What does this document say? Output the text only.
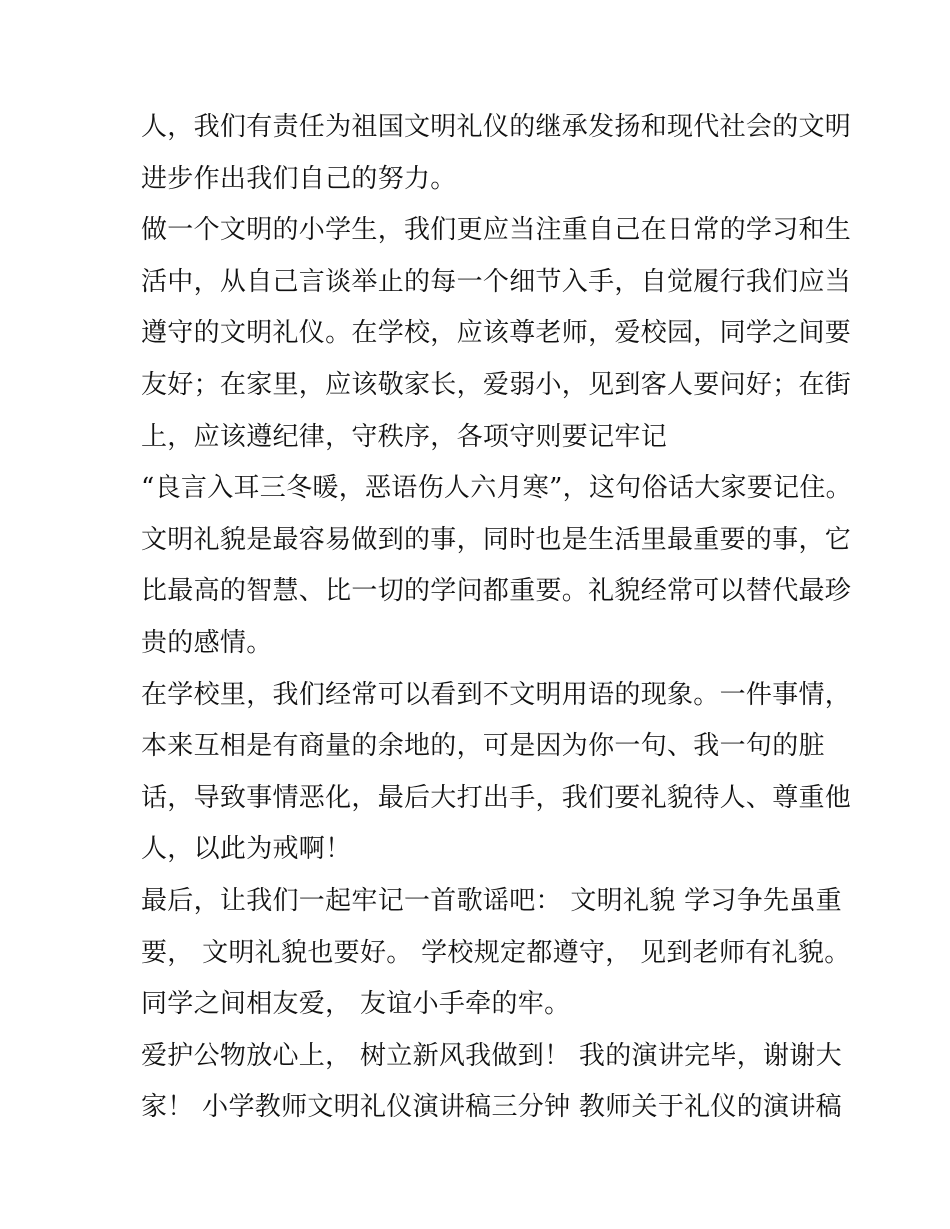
人，我们有责任为祖国文明礼仪的继承发扬和现代社会的文明
进步作出我们自己的努力。
做一个文明的小学生，我们更应当注重自己在日常的学习和生
活中，从自己言谈举止的每一个细节入手，自觉履行我们应当
遵守的文明礼仪。在学校，应该尊老师，爱校园，同学之间要
友好；在家里，应该敬家长，爱弱小，见到客人要问好；在街
上，应该遵纪律，守秩序，各项守则要记牢记
“良言入耳三冬暖，恶语伤人六月寒”，这句俗话大家要记住。
文明礼貌是最容易做到的事，同时也是生活里最重要的事，它
比最高的智慧、比一切的学问都重要。礼貌经常可以替代最珍
贵的感情。
在学校里，我们经常可以看到不文明用语的现象。一件事情，
本来互相是有商量的余地的，可是因为你一句、我一句的脏
话，导致事情恶化，最后大打出手，我们要礼貌待人、尊重他
人，以此为戒啊！
最后，让我们一起牢记一首歌谣吧： 文明礼貌 学习争先虽重
要， 文明礼貌也要好。 学校规定都遵守， 见到老师有礼貌。
同学之间相友爱， 友谊小手牵的牢。
爱护公物放心上， 树立新风我做到！ 我的演讲完毕，谢谢大
家！ 小学教师文明礼仪演讲稿三分钟 教师关于礼仪的演讲稿
